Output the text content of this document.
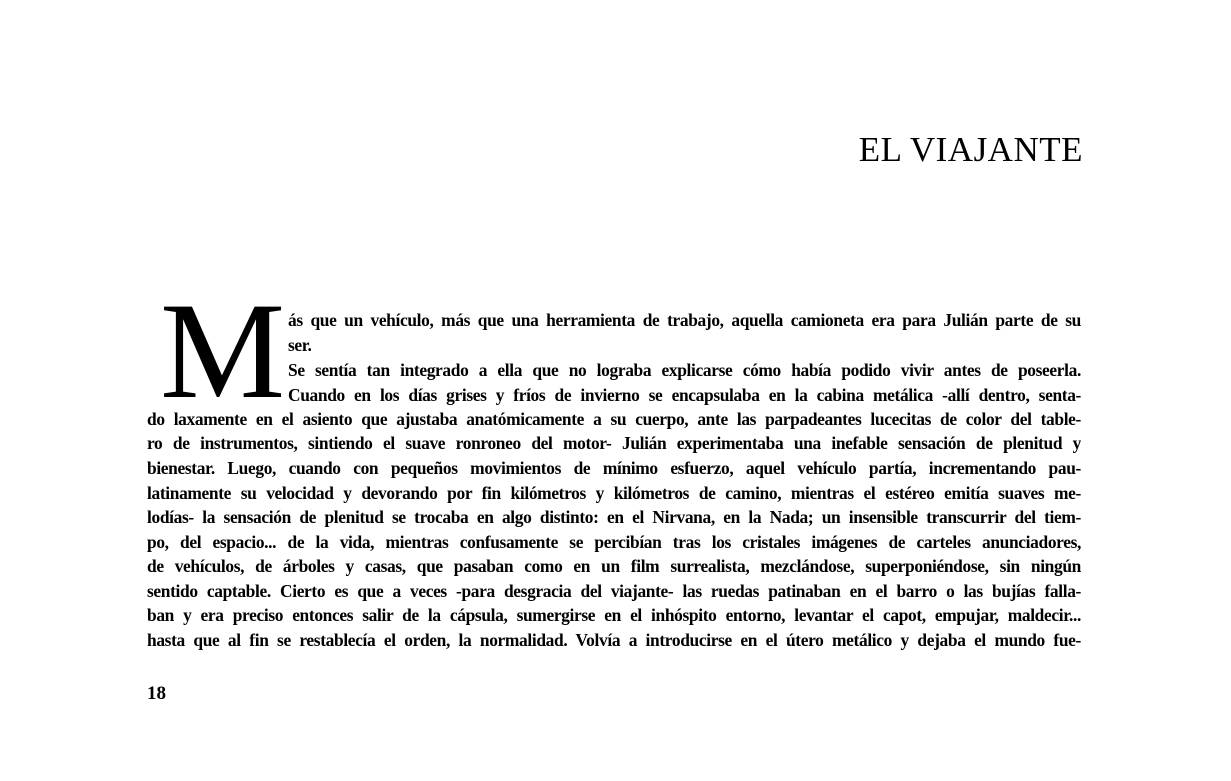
EL VIAJANTE
M ás que un vehículo, más que una herramienta de trabajo, aquella camioneta era para Julián parte de su
ser.
Se sentía tan integrado a ella que no lograba explicarse cómo había podido vivir antes de poseerla.
Cuando en los días grises y fríos de invierno se encapsulaba en la cabina metálica -allí dentro, senta-
do laxamente en el asiento que ajustaba anatómicamente a su cuerpo, ante las parpadeantes lucecitas de color del table-
ro de instrumentos, sintiendo el suave ronroneo del motor- Julián experimentaba una inefable sensación de plenitud y
bienestar. Luego, cuando con pequeños movimientos de mínimo esfuerzo, aquel vehículo partía, incrementando pau-
latinamente su velocidad y devorando por fin kilómetros y kilómetros de camino, mientras el estéreo emitía suaves me-
lodías- la sensación de plenitud se trocaba en algo distinto: en el Nirvana, en la Nada; un insensible transcurrir del tiem-
po, del espacio... de la vida, mientras confusamente se percibían tras los cristales imágenes de carteles anunciadores,
de vehículos, de árboles y casas, que pasaban como en un film surrealista, mezclándose, superponiéndose, sin ningún
sentido captable. Cierto es que a veces -para desgracia del viajante- las ruedas patinaban en el barro o las bujías falla-
ban y era preciso entonces salir de la cápsula, sumergirse en el inhóspito entorno, levantar el capot, empujar, maldecir...
hasta que al fin se restablecía el orden, la normalidad. Volvía a introducirse en el útero metálico y dejaba el mundo fue-
18
